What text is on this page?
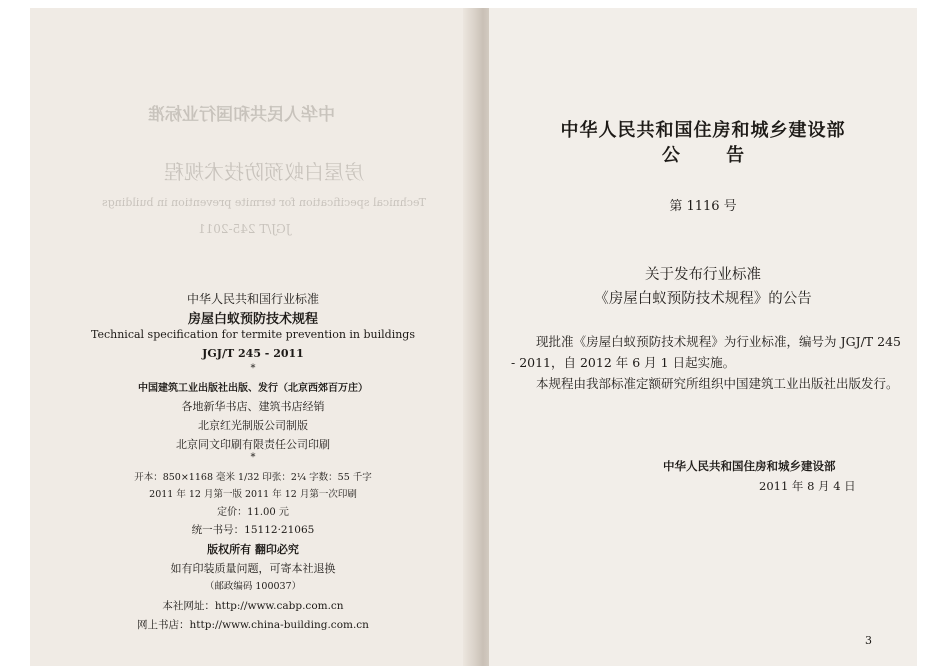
中华人民共和国行业标准
房屋白蚁预防技术规程
Technical specification for termite prevention in buildings
JGJ/T 245-2011
中华人民共和国行业标准
房屋白蚁预防技术规程
Technical specification for termite prevention in buildings
JGJ/T 245 - 2011
*
中国建筑工业出版社出版、发行（北京西郊百万庄）
各地新华书店、建筑书店经销
北京红光制版公司制版
北京同文印刷有限责任公司印刷
*
开本：850×1168 毫米 1/32 印张：2¼ 字数：55 千字
2011 年 12 月第一版 2011 年 12 月第一次印刷
定价：11.00 元
统一书号：15112·21065
版权所有 翻印必究
如有印装质量问题，可寄本社退换
（邮政编码 100037）
本社网址：http://www.cabp.com.cn
网上书店：http://www.china-building.com.cn
中华人民共和国住房和城乡建设部
公 告
第 1116 号
关于发布行业标准
《房屋白蚁预防技术规程》的公告
现批准《房屋白蚁预防技术规程》为行业标准，编号为 JGJ/T 245 - 2011，自 2012 年 6 月 1 日起实施。
本规程由我部标准定额研究所组织中国建筑工业出版社出版发行。
中华人民共和国住房和城乡建设部
2011 年 8 月 4 日
3
